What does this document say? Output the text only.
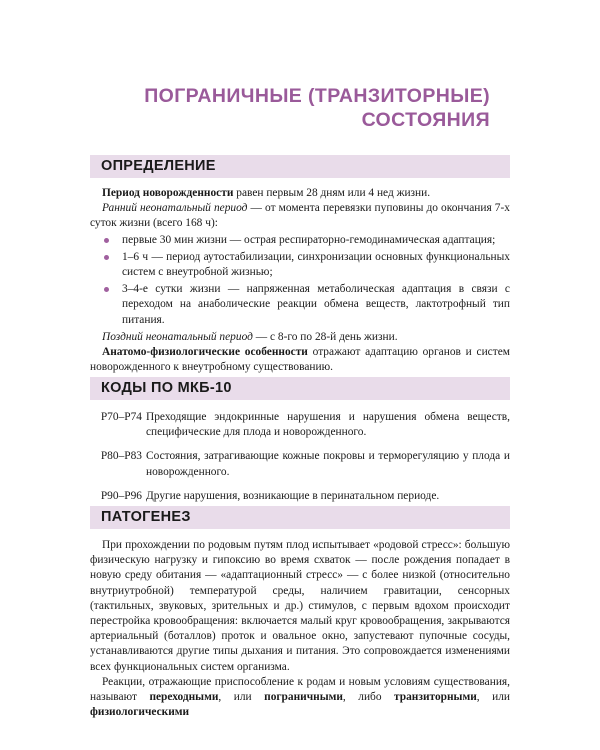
ПОГРАНИЧНЫЕ (ТРАНЗИТОРНЫЕ)
СОСТОЯНИЯ
ОПРЕДЕЛЕНИЕ

Период новорожденности равен первым 28 дням или 4 нед жизни.

Ранний неонатальный период — от момента перевязки пуповины до окончания 7-х суток жизни (всего 168 ч):

первые 30 мин жизни — острая респираторно-гемодинамическая адаптация;
1–6 ч — период аутостабилизации, синхронизации основных функциональных систем с внеутробной жизнью;
3–4-е сутки жизни — напряженная метаболическая адаптация в связи с переходом на анаболические реакции обмена веществ, лактотрофный тип питания.

Поздний неонатальный период — с 8-го по 28-й день жизни.

Анатомо-физиологические особенности отражают адаптацию органов и систем новорожденного к внеутробному существованию.

КОДЫ ПО МКБ-10
P70–P74 Преходящие эндокринные нарушения и нарушения обмена веществ, специфические для плода и новорожденного.
P80–P83 Состояния, затрагивающие кожные покровы и терморегуляцию у плода и новорожденного.
P90–P96 Другие нарушения, возникающие в перинатальном периоде.
ПАТОГЕНЕЗ

При прохождении по родовым путям плод испытывает «родовой стресс»: большую физическую нагрузку и гипоксию во время схваток — после рождения попадает в новую среду обитания — «адаптационный стресс» — с более низкой (относительно внутриутробной) температурой среды, наличием гравитации, сенсорных (тактильных, звуковых, зрительных и др.) стимулов, с первым вдохом происходит перестройка кровообращения: включается малый круг кровообращения, закрываются артериальный (боталлов) проток и овальное окно, запустевают пупочные сосуды, устанавливаются другие типы дыхания и питания. Это сопровождается изменениями всех функциональных систем организма.

Реакции, отражающие приспособление к родам и новым условиям существования, называют переходными, или пограничными, либо транзиторными, или физиологическими
